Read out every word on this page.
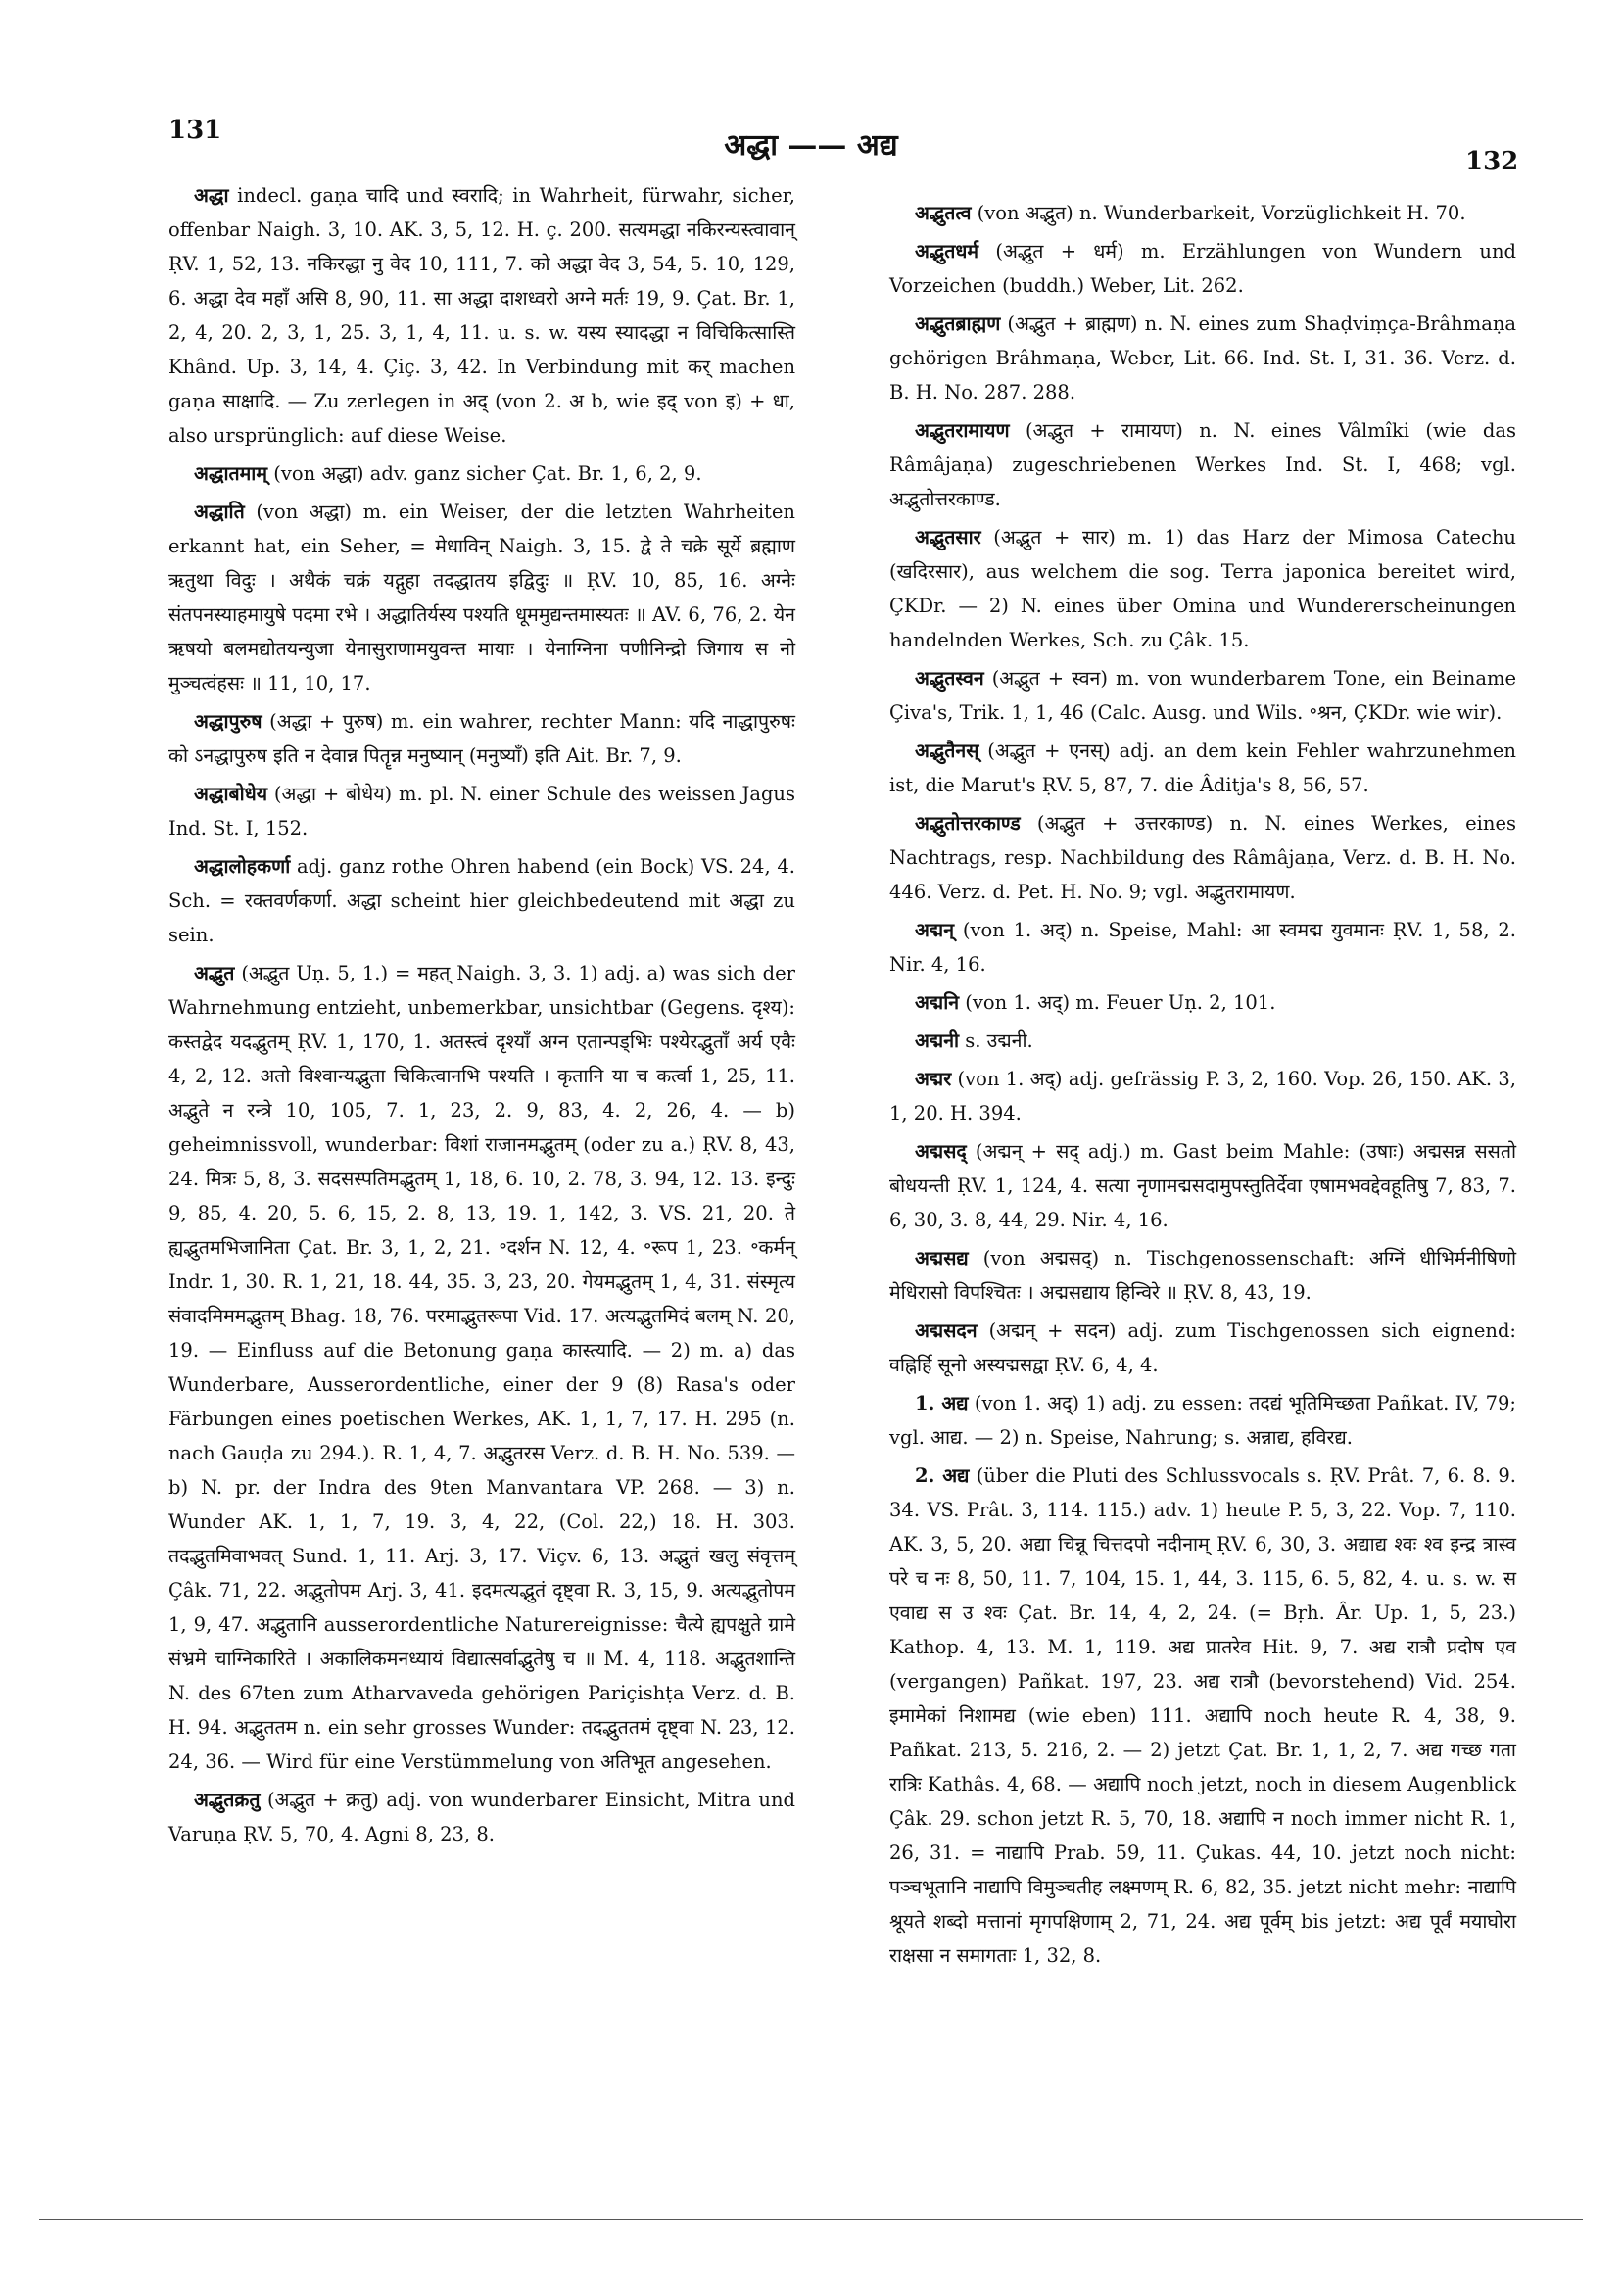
131	अद्धा —— अद्य	132

अद्धा indecl. gaṇa चादि und स्वरादि; in Wahrheit, fürwahr, sicher, offenbar Naigh. 3, 10. AK. 3, 5, 12. H. ç. 200. सत्यमद्धा नकिरन्यस्त्वावान् ṚV. 1, 52, 13. नकिरद्धा नु वेद 10, 111, 7. को अद्धा वेद 3, 54, 5. 10, 129, 6. अद्धा देव महाँ असि 8, 90, 11. सा अद्धा दाशध्वरो अग्ने मर्तः 19, 9. Çat. Br. 1, 2, 4, 20. 2, 3, 1, 25. 3, 1, 4, 11. u. s. w. यस्य स्यादद्धा न विचिकित्सास्ति Khând. Up. 3, 14, 4. Çiç. 3, 42. In Verbindung mit कर् machen gaṇa साक्षादि. — Zu zerlegen in अद् (von 2. अ b, wie इद् von इ) + धा, also ursprünglich: auf diese Weise.

अद्धातमाम् (von अद्धा) adv. ganz sicher Çat. Br. 1, 6, 2, 9.

अद्धाति (von अद्धा) m. ein Weiser, der die letzten Wahrheiten erkannt hat, ein Seher, = मेधाविन् Naigh. 3, 15. द्वे ते चक्रे सूर्ये ब्रह्माण ऋतुथा विदुः । अथैकं चक्रं यद्गुहा तदद्धातय इद्विदुः ॥ ṚV. 10, 85, 16. अग्नेः संतपनस्याहमायुषे पदमा रभे । अद्धातिर्यस्य पश्यति धूममुद्यन्तमास्यतः ॥ AV. 6, 76, 2. येन ऋषयो बलमद्योतयन्युजा येनासुराणामयुवन्त मायाः । येनाग्निना पणीनिन्द्रो जिगाय स नो मुञ्चत्वंहसः ॥ 11, 10, 17.

अद्धापुरुष (अद्धा + पुरुष) m. ein wahrer, rechter Mann: यदि नाद्धापुरुषः को ऽनद्धापुरुष इति न देवान्न पितॄन्न मनुष्यान् (मनुष्याँ) इति Ait. Br. 7, 9.

अद्धाबोधेय (अद्धा + बोधेय) m. pl. N. einer Schule des weissen Jagus Ind. St. I, 152.

अद्धालोहकर्णा adj. ganz rothe Ohren habend (ein Bock) VS. 24, 4. Sch. = रक्तवर्णकर्णा. अद्धा scheint hier gleichbedeutend mit अद्धा zu sein.

अद्भुत (अद्भुत Uṇ. 5, 1.) = महत् Naigh. 3, 3. 1) adj. a) was sich der Wahrnehmung entzieht, unbemerkbar, unsichtbar (Gegens. दृश्य): कस्तद्वेद यदद्भुतम् ṚV. 1, 170, 1. अतस्त्वं दृश्याँ अग्न एतान्पड्भिः पश्येरद्भुताँ अर्य एवैः 4, 2, 12. अतो विश्वान्यद्भुता चिकित्वानभि पश्यति । कृतानि या च कर्त्वा 1, 25, 11. अद्भुते न रन्त्रे 10, 105, 7. 1, 23, 2. 9, 83, 4. 2, 26, 4. — b) geheimnissvoll, wunderbar: विशां राजानमद्भुतम् (oder zu a.) ṚV. 8, 43, 24. मित्रः 5, 8, 3. सदसस्पतिमद्भुतम् 1, 18, 6. 10, 2. 78, 3. 94, 12. 13. इन्दुः 9, 85, 4. 20, 5. 6, 15, 2. 8, 13, 19. 1, 142, 3. VS. 21, 20. ते ह्यद्भुतमभिजानिता Çat. Br. 3, 1, 2, 21. ॰दर्शन N. 12, 4. ॰रूप 1, 23. ॰कर्मन् Indr. 1, 30. R. 1, 21, 18. 44, 35. 3, 23, 20. गेयमद्भुतम् 1, 4, 31. संस्मृत्य संवादमिममद्भुतम् Bhag. 18, 76. परमाद्भुतरूपा Vid. 17. अत्यद्भुतमिदं बलम् N. 20, 19. — Einfluss auf die Betonung gaṇa कास्त्यादि. — 2) m. a) das Wunderbare, Ausserordentliche, einer der 9 (8) Rasa's oder Färbungen eines poetischen Werkes, AK. 1, 1, 7, 17. H. 295 (n. nach Gauḍa zu 294.). R. 1, 4, 7. अद्भुतरस Verz. d. B. H. No. 539. — b) N. pr. der Indra des 9ten Manvantara VP. 268. — 3) n. Wunder AK. 1, 1, 7, 19. 3, 4, 22, (Col. 22,) 18. H. 303. तदद्भुतमिवाभवत् Sund. 1, 11. Arj. 3, 17. Viçv. 6, 13. अद्भुतं खलु संवृत्तम् Çâk. 71, 22. अद्भुतोपम Arj. 3, 41. इदमत्यद्भुतं दृष्ट्वा R. 3, 15, 9. अत्यद्भुतोपम 1, 9, 47. अद्भुतानि ausserordentliche Naturereignisse: चैत्ये ह्यपक्षुते ग्रामे संभ्रमे चाग्निकारिते । अकालिकमनध्यायं विद्यात्सर्वाद्भुतेषु च ॥ M. 4, 118. अद्भुतशान्ति N. des 67ten zum Atharvaveda gehörigen Pariçishṭa Verz. d. B. H. 94. अद्भुततम n. ein sehr grosses Wunder: तदद्भुततमं दृष्ट्वा N. 23, 12. 24, 36. — Wird für eine Verstümmelung von अतिभूत angesehen.

अद्भुतक्रतु (अद्भुत + क्रतु) adj. von wunderbarer Einsicht, Mitra und Varuṇa ṚV. 5, 70, 4. Agni 8, 23, 8.

अद्भुतत्व (von अद्भुत) n. Wunderbarkeit, Vorzüglichkeit H. 70.

अद्भुतधर्म (अद्भुत + धर्म) m. Erzählungen von Wundern und Vorzeichen (buddh.) Weber, Lit. 262.

अद्भुतब्राह्मण (अद्भुत + ब्राह्मण) n. N. eines zum Shaḍviṃça-Brâhmaṇa gehörigen Brâhmaṇa, Weber, Lit. 66. Ind. St. I, 31. 36. Verz. d. B. H. No. 287. 288.

अद्भुतरामायण (अद्भुत + रामायण) n. N. eines Vâlmîki (wie das Râmâjaṇa) zugeschriebenen Werkes Ind. St. I, 468; vgl. अद्भुतोत्तरकाण्ड.

अद्भुतसार (अद्भुत + सार) m. 1) das Harz der Mimosa Catechu (खदिरसार), aus welchem die sog. Terra japonica bereitet wird, ÇKDr. — 2) N. eines über Omina und Wundererscheinungen handelnden Werkes, Sch. zu Çâk. 15.

अद्भुतस्वन (अद्भुत + स्वन) m. von wunderbarem Tone, ein Beiname Çiva's, Trik. 1, 1, 46 (Calc. Ausg. und Wils. ॰श्रन, ÇKDr. wie wir).

अद्भुतैनस् (अद्भुत + एनस्) adj. an dem kein Fehler wahrzunehmen ist, die Marut's ṚV. 5, 87, 7. die Âditja's 8, 56, 57.

अद्भुतोत्तरकाण्ड (अद्भुत + उत्तरकाण्ड) n. N. eines Werkes, eines Nachtrags, resp. Nachbildung des Râmâjaṇa, Verz. d. B. H. No. 446. Verz. d. Pet. H. No. 9; vgl. अद्भुतरामायण.

अद्मन् (von 1. अद्) n. Speise, Mahl: आ स्वमद्म युवमानः ṚV. 1, 58, 2. Nir. 4, 16.

अद्मनि (von 1. अद्) m. Feuer Uṇ. 2, 101.

अद्मनी s. उद्मनी.

अद्मर (von 1. अद्) adj. gefrässig P. 3, 2, 160. Vop. 26, 150. AK. 3, 1, 20. H. 394.

अद्मसद् (अद्मन् + सद् adj.) m. Gast beim Mahle: (उषाः) अद्मसन्न ससतो बोधयन्ती ṚV. 1, 124, 4. सत्या नृणामद्मसदामुपस्तुतिर्देवा एषामभवद्देवहूतिषु 7, 83, 7. 6, 30, 3. 8, 44, 29. Nir. 4, 16.

अद्मसद्य (von अद्मसद्) n. Tischgenossenschaft: अग्निं धीभिर्मनीषिणो मेधिरासो विपश्चितः । अद्मसद्याय हिन्विरे ॥ ṚV. 8, 43, 19.

अद्मसदन (अद्मन् + सदन) adj. zum Tischgenossen sich eignend: वह्निर्हि सूनो अस्यद्मसद्वा ṚV. 6, 4, 4.

1. अद्य (von 1. अद्) 1) adj. zu essen: तदद्यं भूतिमिच्छता Pañkat. IV, 79; vgl. आद्य. — 2) n. Speise, Nahrung; s. अन्नाद्य, हविरद्य.

2. अद्य (über die Pluti des Schlussvocals s. ṚV. Prât. 7, 6. 8. 9. 34. VS. Prât. 3, 114. 115.) adv. 1) heute P. 5, 3, 22. Vop. 7, 110. AK. 3, 5, 20. अद्या चिन्नू चित्तदपो नदीनाम् ṚV. 6, 30, 3. अद्याद्य श्वः श्व इन्द्र त्रास्व परे च नः 8, 50, 11. 7, 104, 15. 1, 44, 3. 115, 6. 5, 82, 4. u. s. w. स एवाद्य स उ श्वः Çat. Br. 14, 4, 2, 24. (= Bṛh. Âr. Up. 1, 5, 23.) Kathop. 4, 13. M. 1, 119. अद्य प्रातरेव Hit. 9, 7. अद्य रात्रौ प्रदोष एव (vergangen) Pañkat. 197, 23. अद्य रात्रौ (bevorstehend) Vid. 254. इमामेकां निशामद्य (wie eben) 111. अद्यापि noch heute R. 4, 38, 9. Pañkat. 213, 5. 216, 2. — 2) jetzt Çat. Br. 1, 1, 2, 7. अद्य गच्छ गता रात्रिः Kathâs. 4, 68. — अद्यापि noch jetzt, noch in diesem Augenblick Çâk. 29. schon jetzt R. 5, 70, 18. अद्यापि न noch immer nicht R. 1, 26, 31. = नाद्यापि Prab. 59, 11. Çukas. 44, 10. jetzt noch nicht: पञ्चभूतानि नाद्यापि विमुञ्चतीह लक्ष्मणम् R. 6, 82, 35. jetzt nicht mehr: नाद्यापि श्रूयते शब्दो मत्तानां मृगपक्षिणाम् 2, 71, 24. अद्य पूर्वम् bis jetzt: अद्य पूर्वं मयाघोरा राक्षसा न समागताः 1, 32, 8.
